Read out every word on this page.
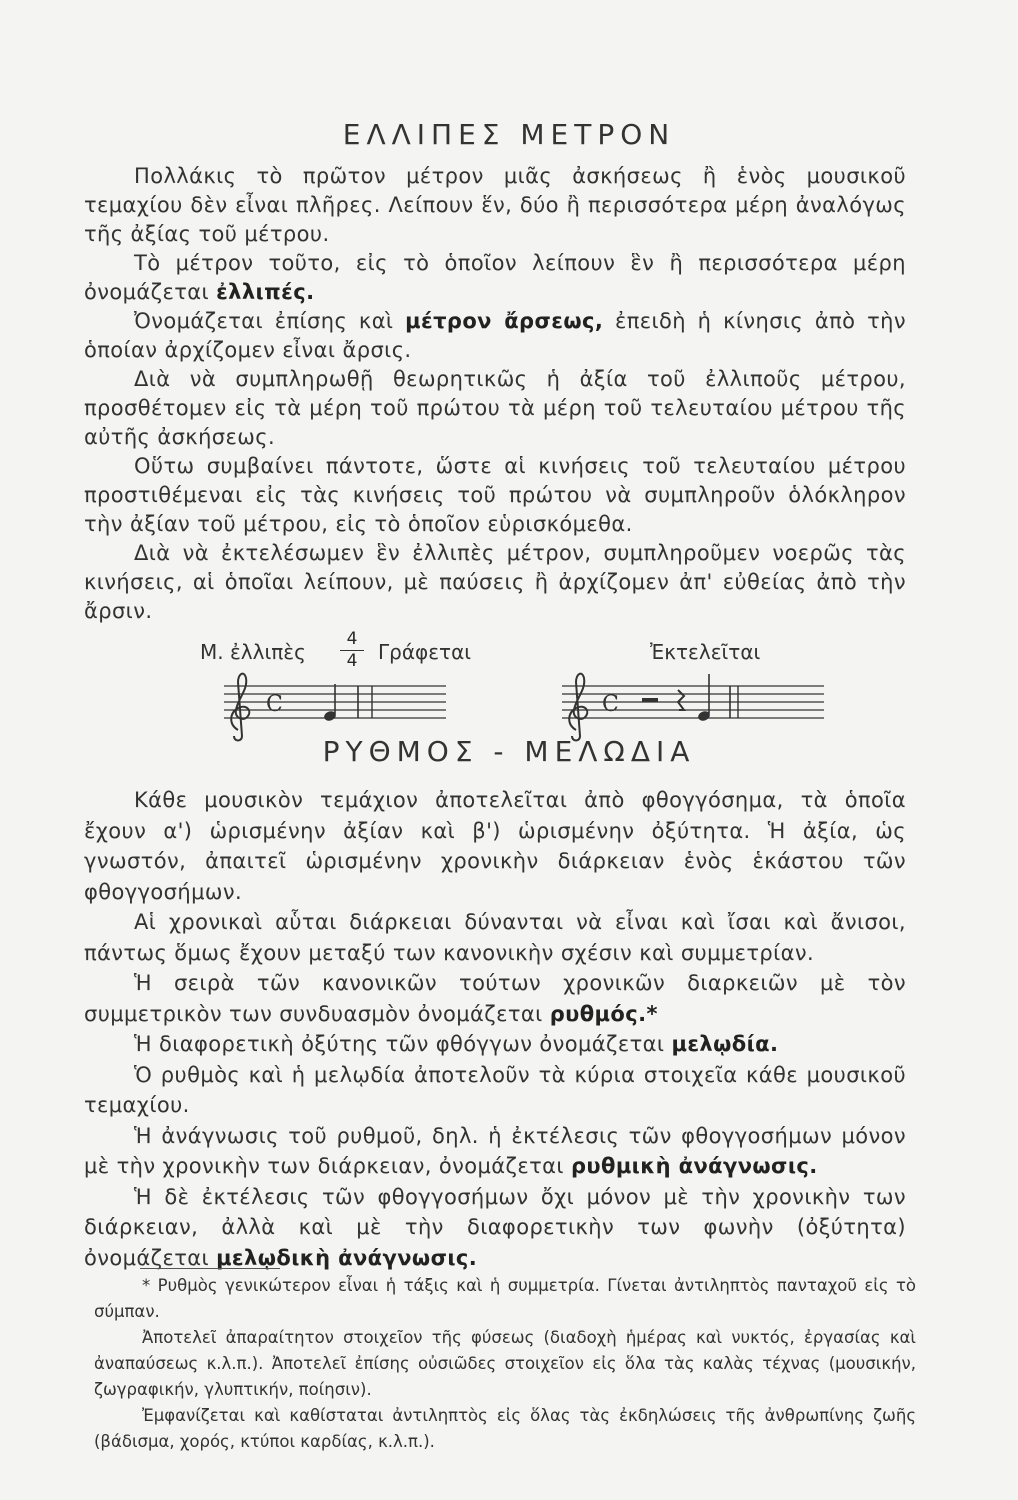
ΕΛΛΙΠΕΣ ΜΕΤΡΟΝ

Πολλάκις τὸ πρῶτον μέτρον μιᾶς ἀσκήσεως ἢ ἑνὸς μουσικοῦ τεμαχίου δὲν εἶναι πλῆρες. Λείπουν ἕν, δύο ἢ περισσότερα μέρη ἀναλόγως τῆς ἀξίας τοῦ μέτρου.

Τὸ μέτρον τοῦτο, εἰς τὸ ὁποῖον λείπουν ἓν ἢ περισσότερα μέρη ὀνομάζεται ἐλλιπές.

Ὀνομάζεται ἐπίσης καὶ μέτρον ἄρσεως, ἐπειδὴ ἡ κίνησις ἀπὸ τὴν ὁποίαν ἀρχίζομεν εἶναι ἄρσις.

Διὰ νὰ συμπληρωθῇ θεωρητικῶς ἡ ἀξία τοῦ ἐλλιποῦς μέτρου, προσθέτομεν εἰς τὰ μέρη τοῦ πρώτου τὰ μέρη τοῦ τελευταίου μέτρου τῆς αὐτῆς ἀσκήσεως.

Οὕτω συμβαίνει πάντοτε, ὥστε αἱ κινήσεις τοῦ τελευταίου μέτρου προστιθέμεναι εἰς τὰς κινήσεις τοῦ πρώτου νὰ συμπληροῦν ὁλόκληρον τὴν ἀξίαν τοῦ μέτρου, εἰς τὸ ὁποῖον εὑρισκόμεθα.

Διὰ νὰ ἐκτελέσωμεν ἓν ἐλλιπὲς μέτρον, συμπληροῦμεν νοερῶς τὰς κινήσεις, αἱ ὁποῖαι λείπουν, μὲ παύσεις ἢ ἀρχίζομεν ἀπ' εὐθείας ἀπὸ τὴν ἄρσιν.

Μ. ἐλλιπὲς
4
4	Γράφεται	Ἐκτελεῖται
C	C
ΡΥΘΜΟΣ - ΜΕΛΩΔΙΑ

Κάθε μουσικὸν τεμάχιον ἀποτελεῖται ἀπὸ φθογγόσημα, τὰ ὁποῖα ἔχουν α') ὡρισμένην ἀξίαν καὶ β') ὡρισμένην ὀξύτητα. Ἡ ἀξία, ὡς γνωστόν, ἀπαιτεῖ ὡρισμένην χρονικὴν διάρκειαν ἑνὸς ἑκάστου τῶν φθογγοσήμων.

Αἱ χρονικαὶ αὗται διάρκειαι δύνανται νὰ εἶναι καὶ ἴσαι καὶ ἄνισοι, πάντως ὅμως ἔχουν μεταξύ των κανονικὴν σχέσιν καὶ συμμετρίαν.

Ἡ σειρὰ τῶν κανονικῶν τούτων χρονικῶν διαρκειῶν μὲ τὸν συμμετρικὸν των συνδυασμὸν ὀνομάζεται ρυθμός.*

Ἡ διαφορετικὴ ὀξύτης τῶν φθόγγων ὀνομάζεται μελῳδία.

Ὁ ρυθμὸς καὶ ἡ μελῳδία ἀποτελοῦν τὰ κύρια στοιχεῖα κάθε μουσικοῦ τεμαχίου.

Ἡ ἀνάγνωσις τοῦ ρυθμοῦ, δηλ. ἡ ἐκτέλεσις τῶν φθογγοσήμων μόνον μὲ τὴν χρονικὴν των διάρκειαν, ὀνομάζεται ρυθμικὴ ἀνάγνωσις.

Ἡ δὲ ἐκτέλεσις τῶν φθογγοσήμων ὄχι μόνον μὲ τὴν χρονικὴν των διάρκειαν, ἀλλὰ καὶ μὲ τὴν διαφορετικὴν των φωνὴν (ὀξύτητα) ὀνομάζεται μελῳδικὴ ἀνάγνωσις.

* Ρυθμὸς γενικώτερον εἶναι ἡ τάξις καὶ ἡ συμμετρία. Γίνεται ἀντιληπτὸς πανταχοῦ εἰς τὸ σύμπαν.

Ἀποτελεῖ ἀπαραίτητον στοιχεῖον τῆς φύσεως (διαδοχὴ ἡμέρας καὶ νυκτός, ἐργασίας καὶ ἀναπαύσεως κ.λ.π.). Ἀποτελεῖ ἐπίσης οὐσιῶδες στοιχεῖον εἰς ὅλα τὰς καλὰς τέχνας (μουσικήν, ζωγραφικήν, γλυπτικήν, ποίησιν).

Ἐμφανίζεται καὶ καθίσταται ἀντιληπτὸς εἰς ὅλας τὰς ἐκδηλώσεις τῆς ἀνθρωπίνης ζωῆς (βάδισμα, χορός, κτύποι καρδίας, κ.λ.π.).
